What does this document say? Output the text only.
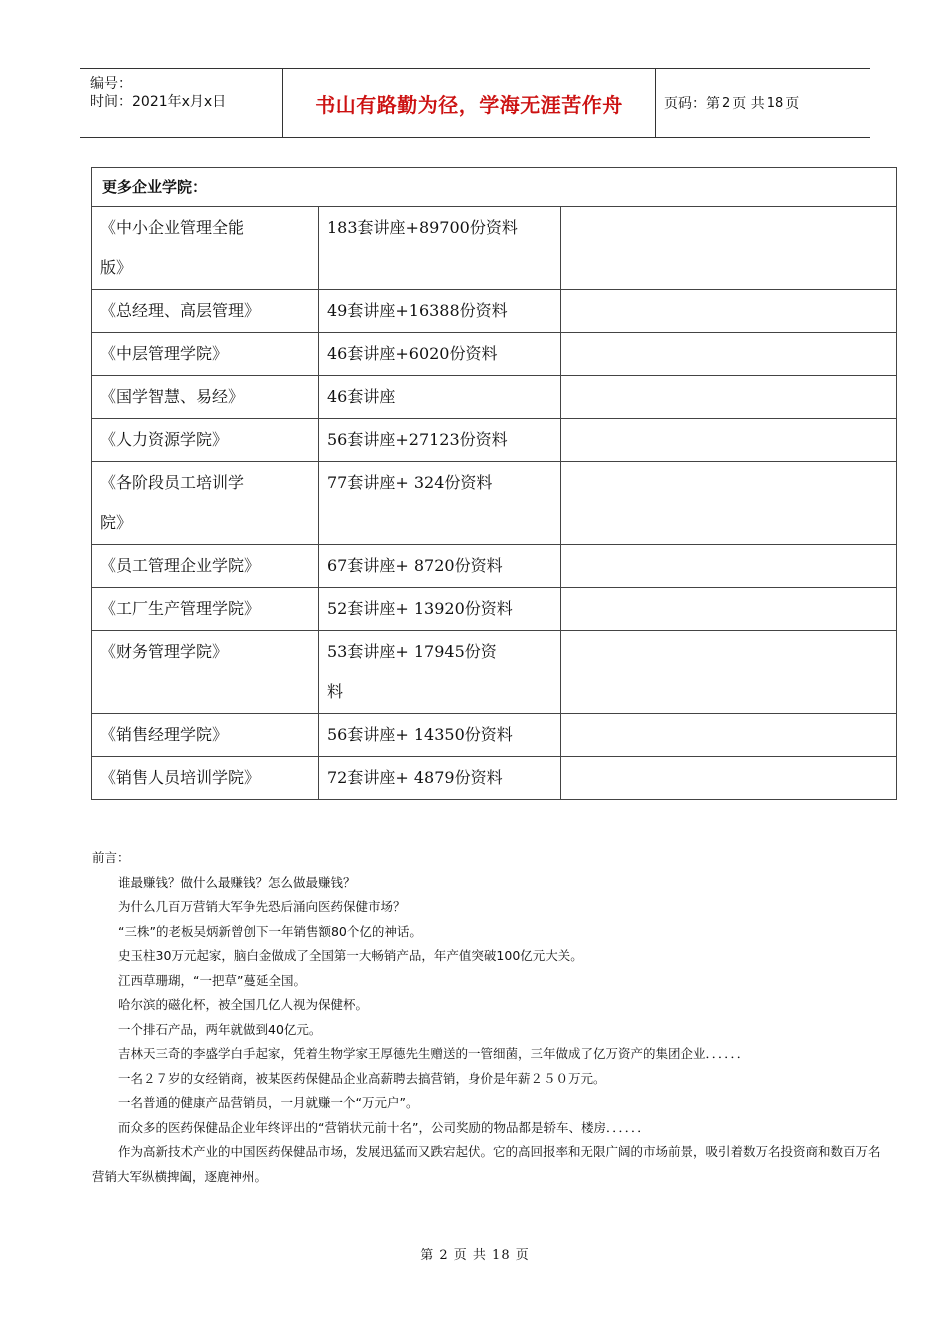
编号：
时间：2021年x月x日	书山有路勤为径，学海无涯苦作舟	页码：第 2 页 共 18 页
更多企业学院：		

《中小企业管理全能
版》	183套讲座+89700份资料	

《总经理、高层管理》	49套讲座+16388份资料	

《中层管理学院》	46套讲座+6020份资料	

《国学智慧、易经》	46套讲座	

《人力资源学院》	56套讲座+27123份资料	

《各阶段员工培训学
院》	77套讲座+ 324份资料	

《员工管理企业学院》	67套讲座+ 8720份资料	

《工厂生产管理学院》	52套讲座+ 13920份资料	

《财务管理学院》	53套讲座+ 17945份资
料	

《销售经理学院》	56套讲座+ 14350份资料	

《销售人员培训学院》	72套讲座+ 4879份资料	

前言：

谁最赚钱？做什么最赚钱？怎么做最赚钱？

为什么几百万营销大军争先恐后涌向医药保健市场？

“三株”的老板吴炳新曾创下一年销售额80个亿的神话。

史玉柱30万元起家，脑白金做成了全国第一大畅销产品，年产值突破100亿元大关。

江西草珊瑚，“一把草”蔓延全国。

哈尔滨的磁化杯，被全国几亿人视为保健杯。

一个排石产品，两年就做到40亿元。

吉林天三奇的李盛学白手起家，凭着生物学家王厚德先生赠送的一管细菌，三年做成了亿万资产的集团企业．．．．．．

一名２７岁的女经销商，被某医药保健品企业高薪聘去搞营销，身价是年薪２５０万元。

一名普通的健康产品营销员，一月就赚一个“万元户”。

而众多的医药保健品企业年终评出的“营销状元前十名”，公司奖励的物品都是轿车、楼房．．．．．．

作为高新技术产业的中国医药保健品市场，发展迅猛而又跌宕起伏。它的高回报率和无限广阔的市场前景，吸引着数万名投资商和数百万名营销大军纵横捭阖，逐鹿神州。

第 2 页 共 18 页
